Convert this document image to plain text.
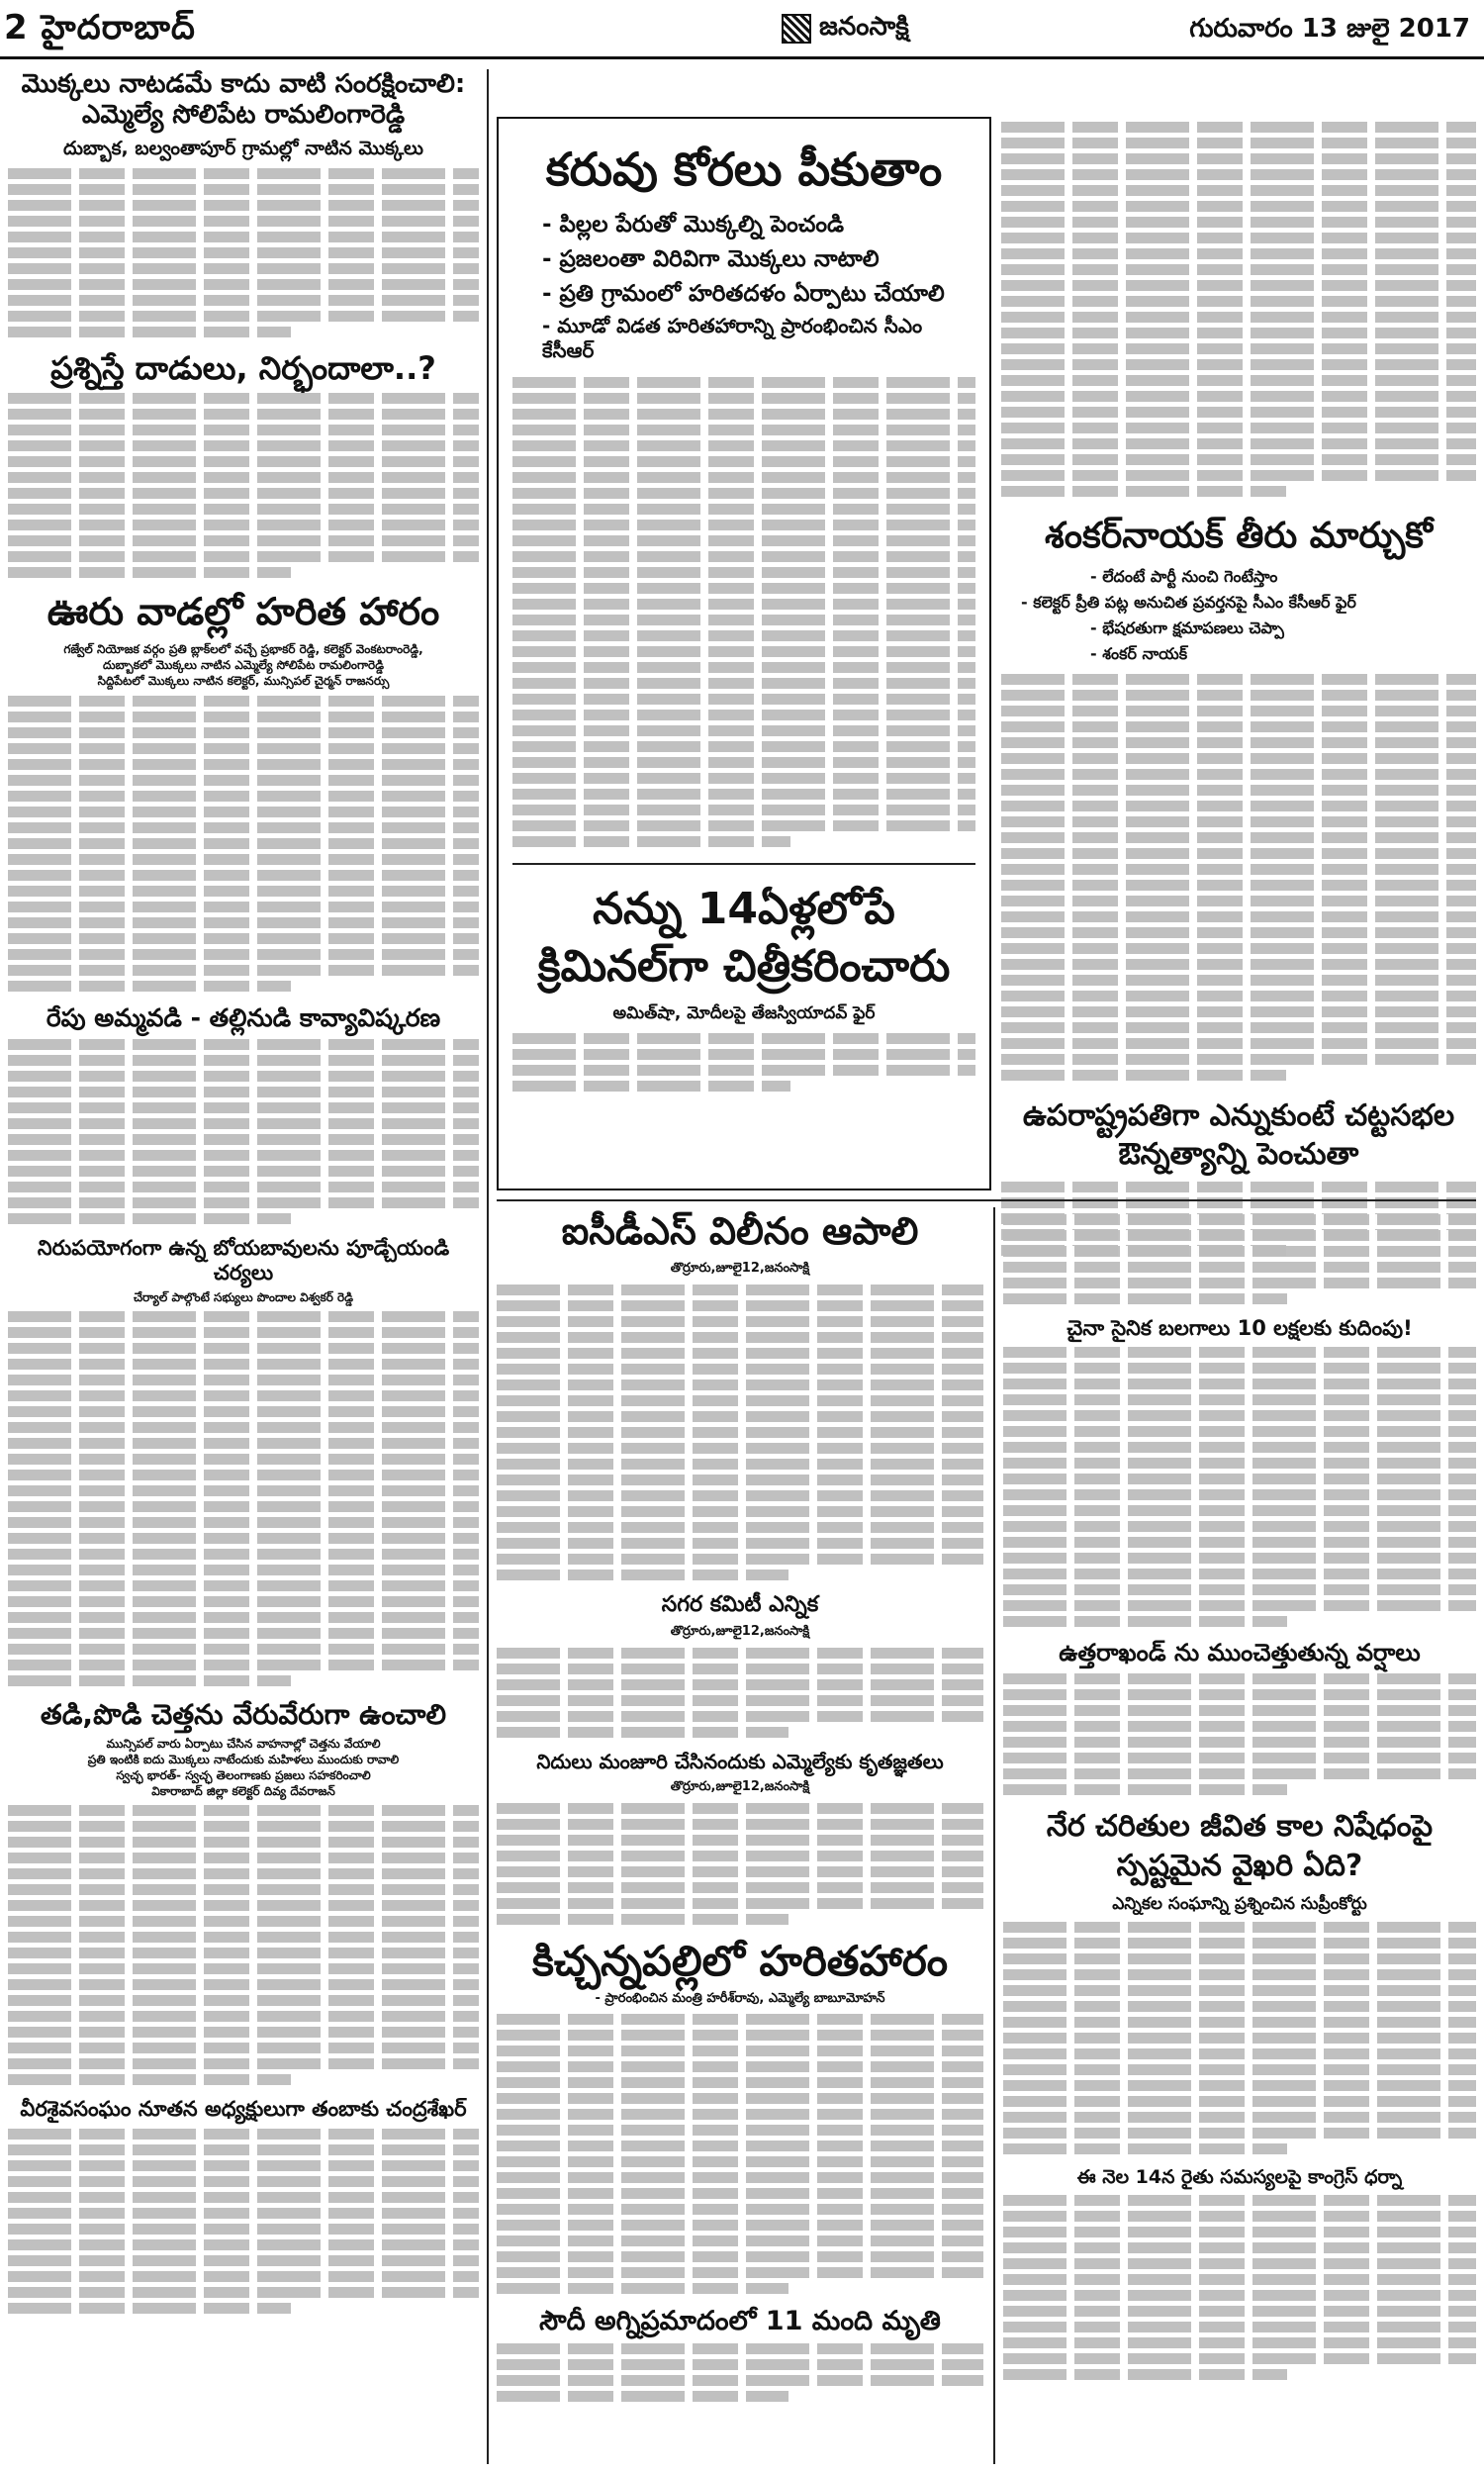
2 హైదరాబాద్	జనంసాక్షి	గురువారం 13 జులై 2017
మొక్కలు నాటడమే కాదు వాటి సంరక్షించాలి: ఎమ్మెల్యే సోలిపేట రామలింగారెడ్డి
దుబ్బాక, బల్వంతాపూర్ గ్రామల్లో నాటిన మొక్కలు
ప్రశ్నిస్తే దాడులు, నిర్భందాలా..?
ఊరు వాడల్లో హరిత హారం
గజ్వేల్ నియోజక వర్గం ప్రతి బ్లాక్‌లలో వచ్చే ప్రభాకర్ రెడ్డి, కలెక్టర్ వెంకటరాంరెడ్డి,
దుబ్బాకలో మొక్కలు నాటిన ఎమ్మెల్యే సోలిపేట రామలింగారెడ్డి
సిద్దిపేటలో మొక్కలు నాటిన కలెక్టర్, మున్సిపల్ చైర్మన్ రాజనర్సు
రేపు అమ్మవడి - తల్లినుడి కావ్యావిష్కరణ
నిరుపయోగంగా ఉన్న బోయబావులను పూడ్చేయండి చర్యలు
చేర్యాల్ పాల్గొంటే సభ్యులు పొందాల విశ్వకర్ రెడ్డి
తడి,పొడి చెత్తను వేరువేరుగా ఉంచాలి
మున్సిపల్ వారు ఏర్పాటు చేసిన వాహనాల్లో చెత్తను వేయాలి
ప్రతి ఇంటికి ఐదు మొక్కలు నాటేందుకు మహిళలు ముందుకు రావాలి
స్వచ్ఛ భారత్- స్వచ్ఛ తెలంగాణకు ప్రజలు సహకరించాలి
వికారాబాద్ జిల్లా కలెక్టర్ దివ్య దేవరాజన్
వీరశైవసంఘం నూతన అధ్యక్షులుగా తంబాకు చంద్రశేఖర్
కరువు కోరలు పీకుతాం
- పిల్లల పేరుతో మొక్కల్ని పెంచండి
- ప్రజలంతా విరివిగా మొక్కలు నాటాలి
- ప్రతి గ్రామంలో హరితదళం ఏర్పాటు చేయాలి
- మూడో విడత హరితహారాన్ని ప్రారంభించిన సీఎం కేసీఆర్
నన్ను 14ఏళ్లలోపే క్రిమినల్‌గా చిత్రీకరించారు
అమిత్‌షా, మోదీలపై తేజస్వియాదవ్ ఫైర్
శంకర్‌నాయక్ తీరు మార్చుకో
- లేదంటే పార్టీ నుంచి గెంటేస్తాం
- కలెక్టర్ ప్రీతి పట్ల అనుచిత ప్రవర్తనపై సీఎం కేసీఆర్ ఫైర్
- భేషరతుగా క్షమాపణలు చెప్పా
- శంకర్ నాయక్
ఉపరాష్ట్రపతిగా ఎన్నుకుంటే చట్టసభల ఔన్నత్యాన్ని పెంచుతా
ఐసీడీఎస్ విలీనం ఆపాలి
తొర్రూరు,జూలై12,జనంసాక్షి
సగర కమిటీ ఎన్నిక
తొర్రూరు,జూలై12,జనంసాక్షి
నిదులు మంజూరి చేసినందుకు ఎమ్మెల్యేకు కృతజ్ఞతలు
తొర్రూరు,జూలై12,జనంసాక్షి
కిచ్చన్నపల్లిలో హరితహారం
- ప్రారంభించిన మంత్రి హరీశ్‌రావు, ఎమ్మెల్యే బాబూమోహన్
సౌదీ అగ్నిప్రమాదంలో 11 మంది మృతి
చైనా సైనిక బలగాలు 10 లక్షలకు కుదింపు!
ఉత్తరాఖండ్ ను ముంచెత్తుతున్న వర్షాలు
నేర చరితుల జీవిత కాల నిషేధంపై స్పష్టమైన వైఖరి ఏది?
ఎన్నికల సంఘాన్ని ప్రశ్నించిన సుప్రీంకోర్టు
ఈ నెల 14న రైతు సమస్యలపై కాంగ్రెస్ ధర్నా
